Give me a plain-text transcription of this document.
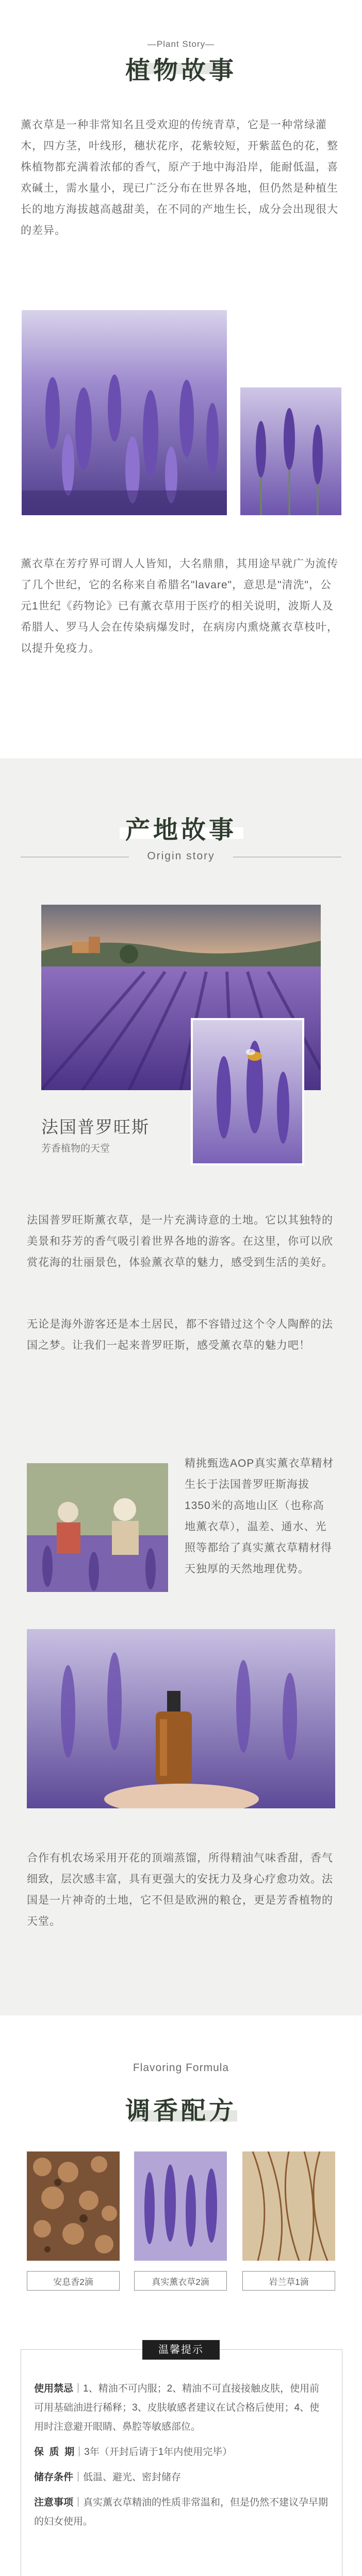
—Plant Story—
植物故事
薰衣草是一种非常知名且受欢迎的传统青草，它是一种常绿灌木，四方茎，叶线形，穗状花序，花紫较短，开紫蓝色的花，整株植物都充满着浓郁的香气，原产于地中海沿岸，能耐低温，喜欢碱土，需水量小，现已广泛分布在世界各地，但仍然是种植生长的地方海拔越高越甜美，在不同的产地生长，成分会出现很大的差异。
薰衣草在芳疗界可谓人人皆知，大名鼎鼎，其用途早就广为流传了几个世纪，它的名称来自希腊名"lavare"，意思是"清洗"，公元1世纪《药物论》已有薰衣草用于医疗的相关说明，波斯人及希腊人、罗马人会在传染病爆发时，在病房内熏烧薰衣草枝叶，以提升免疫力。
产地故事
Origin story
法国普罗旺斯
芳香植物的天堂
法国普罗旺斯薰衣草，是一片充满诗意的土地。它以其独特的美景和芬芳的香气吸引着世界各地的游客。在这里，你可以欣赏花海的壮丽景色，体验薰衣草的魅力，感受到生活的美好。
无论是海外游客还是本土居民，都不容错过这个令人陶醉的法国之梦。让我们一起来普罗旺斯，感受薰衣草的魅力吧！
精挑甄选AOP真实薰衣草精材生长于法国普罗旺斯海拔1350米的高地山区（也称高地薰衣草），温差、通水、光照等都给了真实薰衣草精材得天独厚的天然地理优势。
合作有机农场采用开花的顶端蒸馏，所得精油气味香甜，香气细致，层次感丰富，具有更强大的安抚力及身心疗愈功效。法国是一片神奇的土地，它不但是欧洲的粮仓，更是芳香植物的天堂。
Flavoring Formula
调香配方
安息香2滴	真实薰衣草2滴	岩兰草1滴
温馨提示
使用禁忌｜1、精油不可内服；2、精油不可直接接触皮肤，使用前可用基础油进行稀释；3、皮肤敏感者建议在试合格后使用；4、使用时注意避开眼睛、鼻腔等敏感部位。
保  质  期｜3年（开封后请于1年内使用完毕）
储存条件｜低温、避光、密封储存
注意事项｜真实薰衣草精油的性质非常温和，但是仍然不建议孕早期的妇女使用。
